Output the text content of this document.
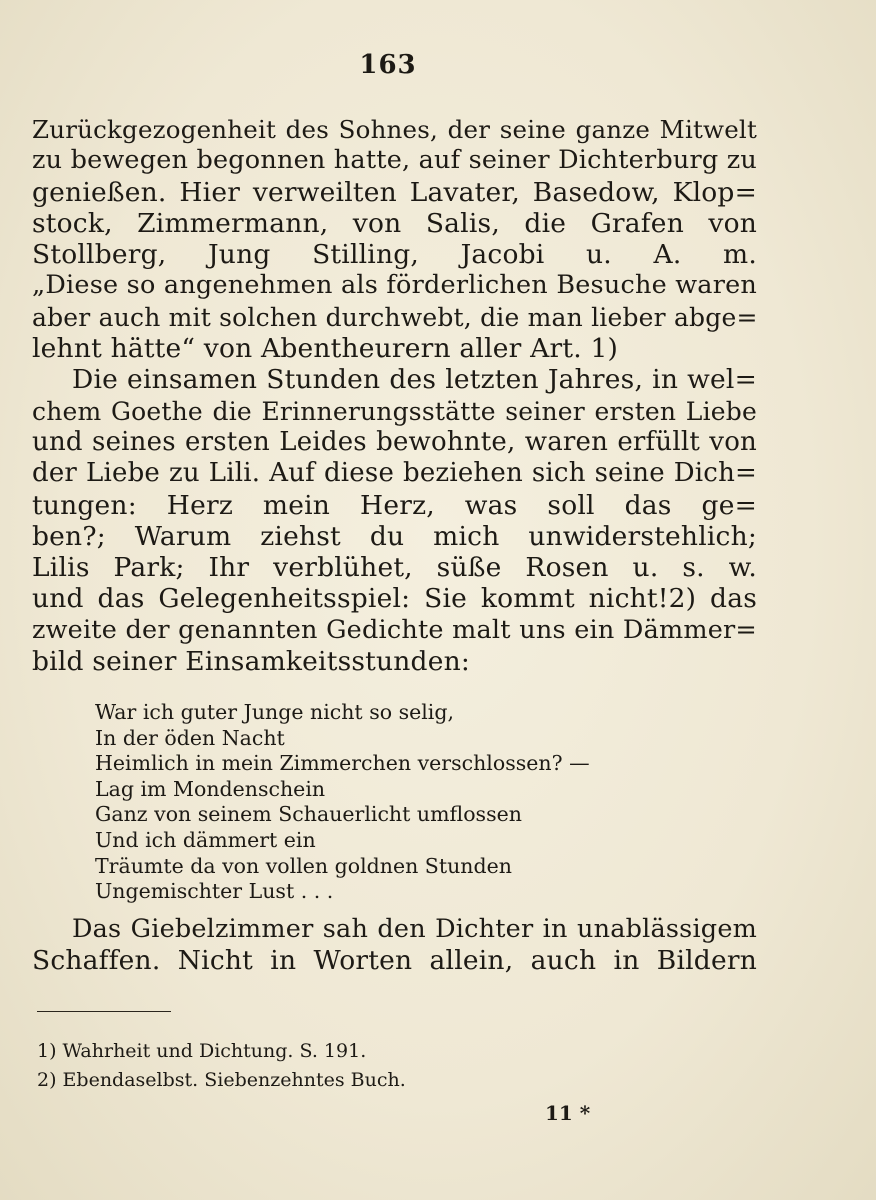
163
Zurückgezogenheit des Sohnes, der seine ganze Mitwelt
zu bewegen begonnen hatte, auf seiner Dichterburg zu
genießen. Hier verweilten Lavater, Basedow, Klop=
stock, Zimmermann, von Salis, die Grafen von
Stollberg, Jung Stilling, Jacobi u. A. m.
„Diese so angenehmen als förderlichen Besuche waren
aber auch mit solchen durchwebt, die man lieber abge=
lehnt hätte“ von Abentheurern aller Art. 1)
Die einsamen Stunden des letzten Jahres, in wel=
chem Goethe die Erinnerungsstätte seiner ersten Liebe
und seines ersten Leides bewohnte, waren erfüllt von
der Liebe zu Lili. Auf diese beziehen sich seine Dich=
tungen: Herz mein Herz, was soll das ge=
ben?; Warum ziehst du mich unwiderstehlich;
Lilis Park; Ihr verblühet, süße Rosen u. s. w.
und das Gelegenheitsspiel: Sie kommt nicht!2) das
zweite der genannten Gedichte malt uns ein Dämmer=
bild seiner Einsamkeitsstunden:
War ich guter Junge nicht so selig,
In der öden Nacht
Heimlich in mein Zimmerchen verschlossen? —
Lag im Mondenschein
Ganz von seinem Schauerlicht umflossen
Und ich dämmert ein
Träumte da von vollen goldnen Stunden
Ungemischter Lust . . .
Das Giebelzimmer sah den Dichter in unablässigem
Schaffen. Nicht in Worten allein, auch in Bildern
1) Wahrheit und Dichtung. S. 191.
2) Ebendaselbst. Siebenzehntes Buch.
11 *
